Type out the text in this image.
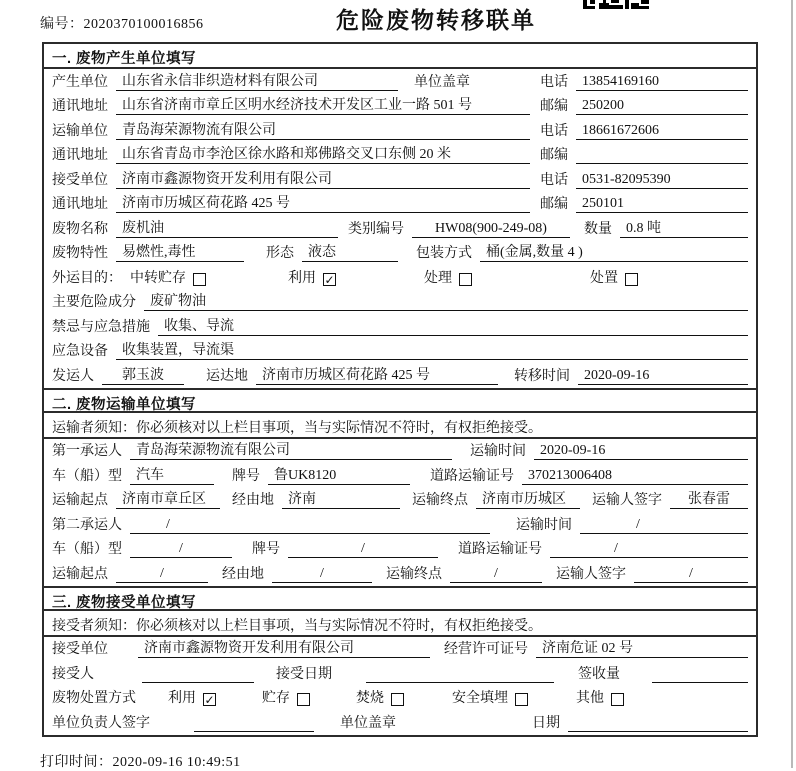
编号：2020370100016856	危险废物转移联单
一. 废物产生单位填写
产生单位	山东省永信非织造材料有限公司	单位盖章	电话	13854169160
通讯地址	山东省济南市章丘区明水经济技术开发区工业一路 501 号	邮编	250200
运输单位	青岛海荣源物流有限公司	电话	18661672606
通讯地址	山东省青岛市李沧区徐水路和郑佛路交叉口东侧 20 米	邮编
接受单位	济南市鑫源物资开发利用有限公司	电话	0531-82095390
通讯地址	济南市历城区荷花路 425 号	邮编	250101
废物名称	废机油	类别编号	HW08(900-249-08)	数量	0.8 吨
废物特性	易燃性,毒性	形态	液态	包装方式	桶(金属,数量 4 )
外运目的： 中转贮存	利用 ✓	处理	处置
主要危险成分	废矿物油
禁忌与应急措施	收集、导流
应急设备	收集装置，导流渠
发运人	郭玉波	运达地	济南市历城区荷花路 425 号	转移时间	2020-09-16
二. 废物运输单位填写
运输者须知：你必须核对以上栏目事项，当与实际情况不符时，有权拒绝接受。
第一承运人	青岛海荣源物流有限公司	运输时间	2020-09-16
车（船）型	汽车	牌号	鲁UK8120	道路运输证号	370213006408
运输起点	济南市章丘区	经由地	济南	运输终点	济南市历城区	运输人签字	张春雷
第二承运人	/	运输时间	/
车（船）型	/	牌号	/	道路运输证号	/
运输起点	/	经由地	/	运输终点	/	运输人签字	/
三. 废物接受单位填写
接受者须知：你必须核对以上栏目事项，当与实际情况不符时，有权拒绝接受。
接受单位	济南市鑫源物资开发利用有限公司	经营许可证号	济南危证 02 号
接受人	接受日期	签收量
废物处置方式 利用 ✓	贮存	焚烧	安全填埋	其他
单位负责人签字	单位盖章	日期
打印时间：2020-09-16 10:49:51
